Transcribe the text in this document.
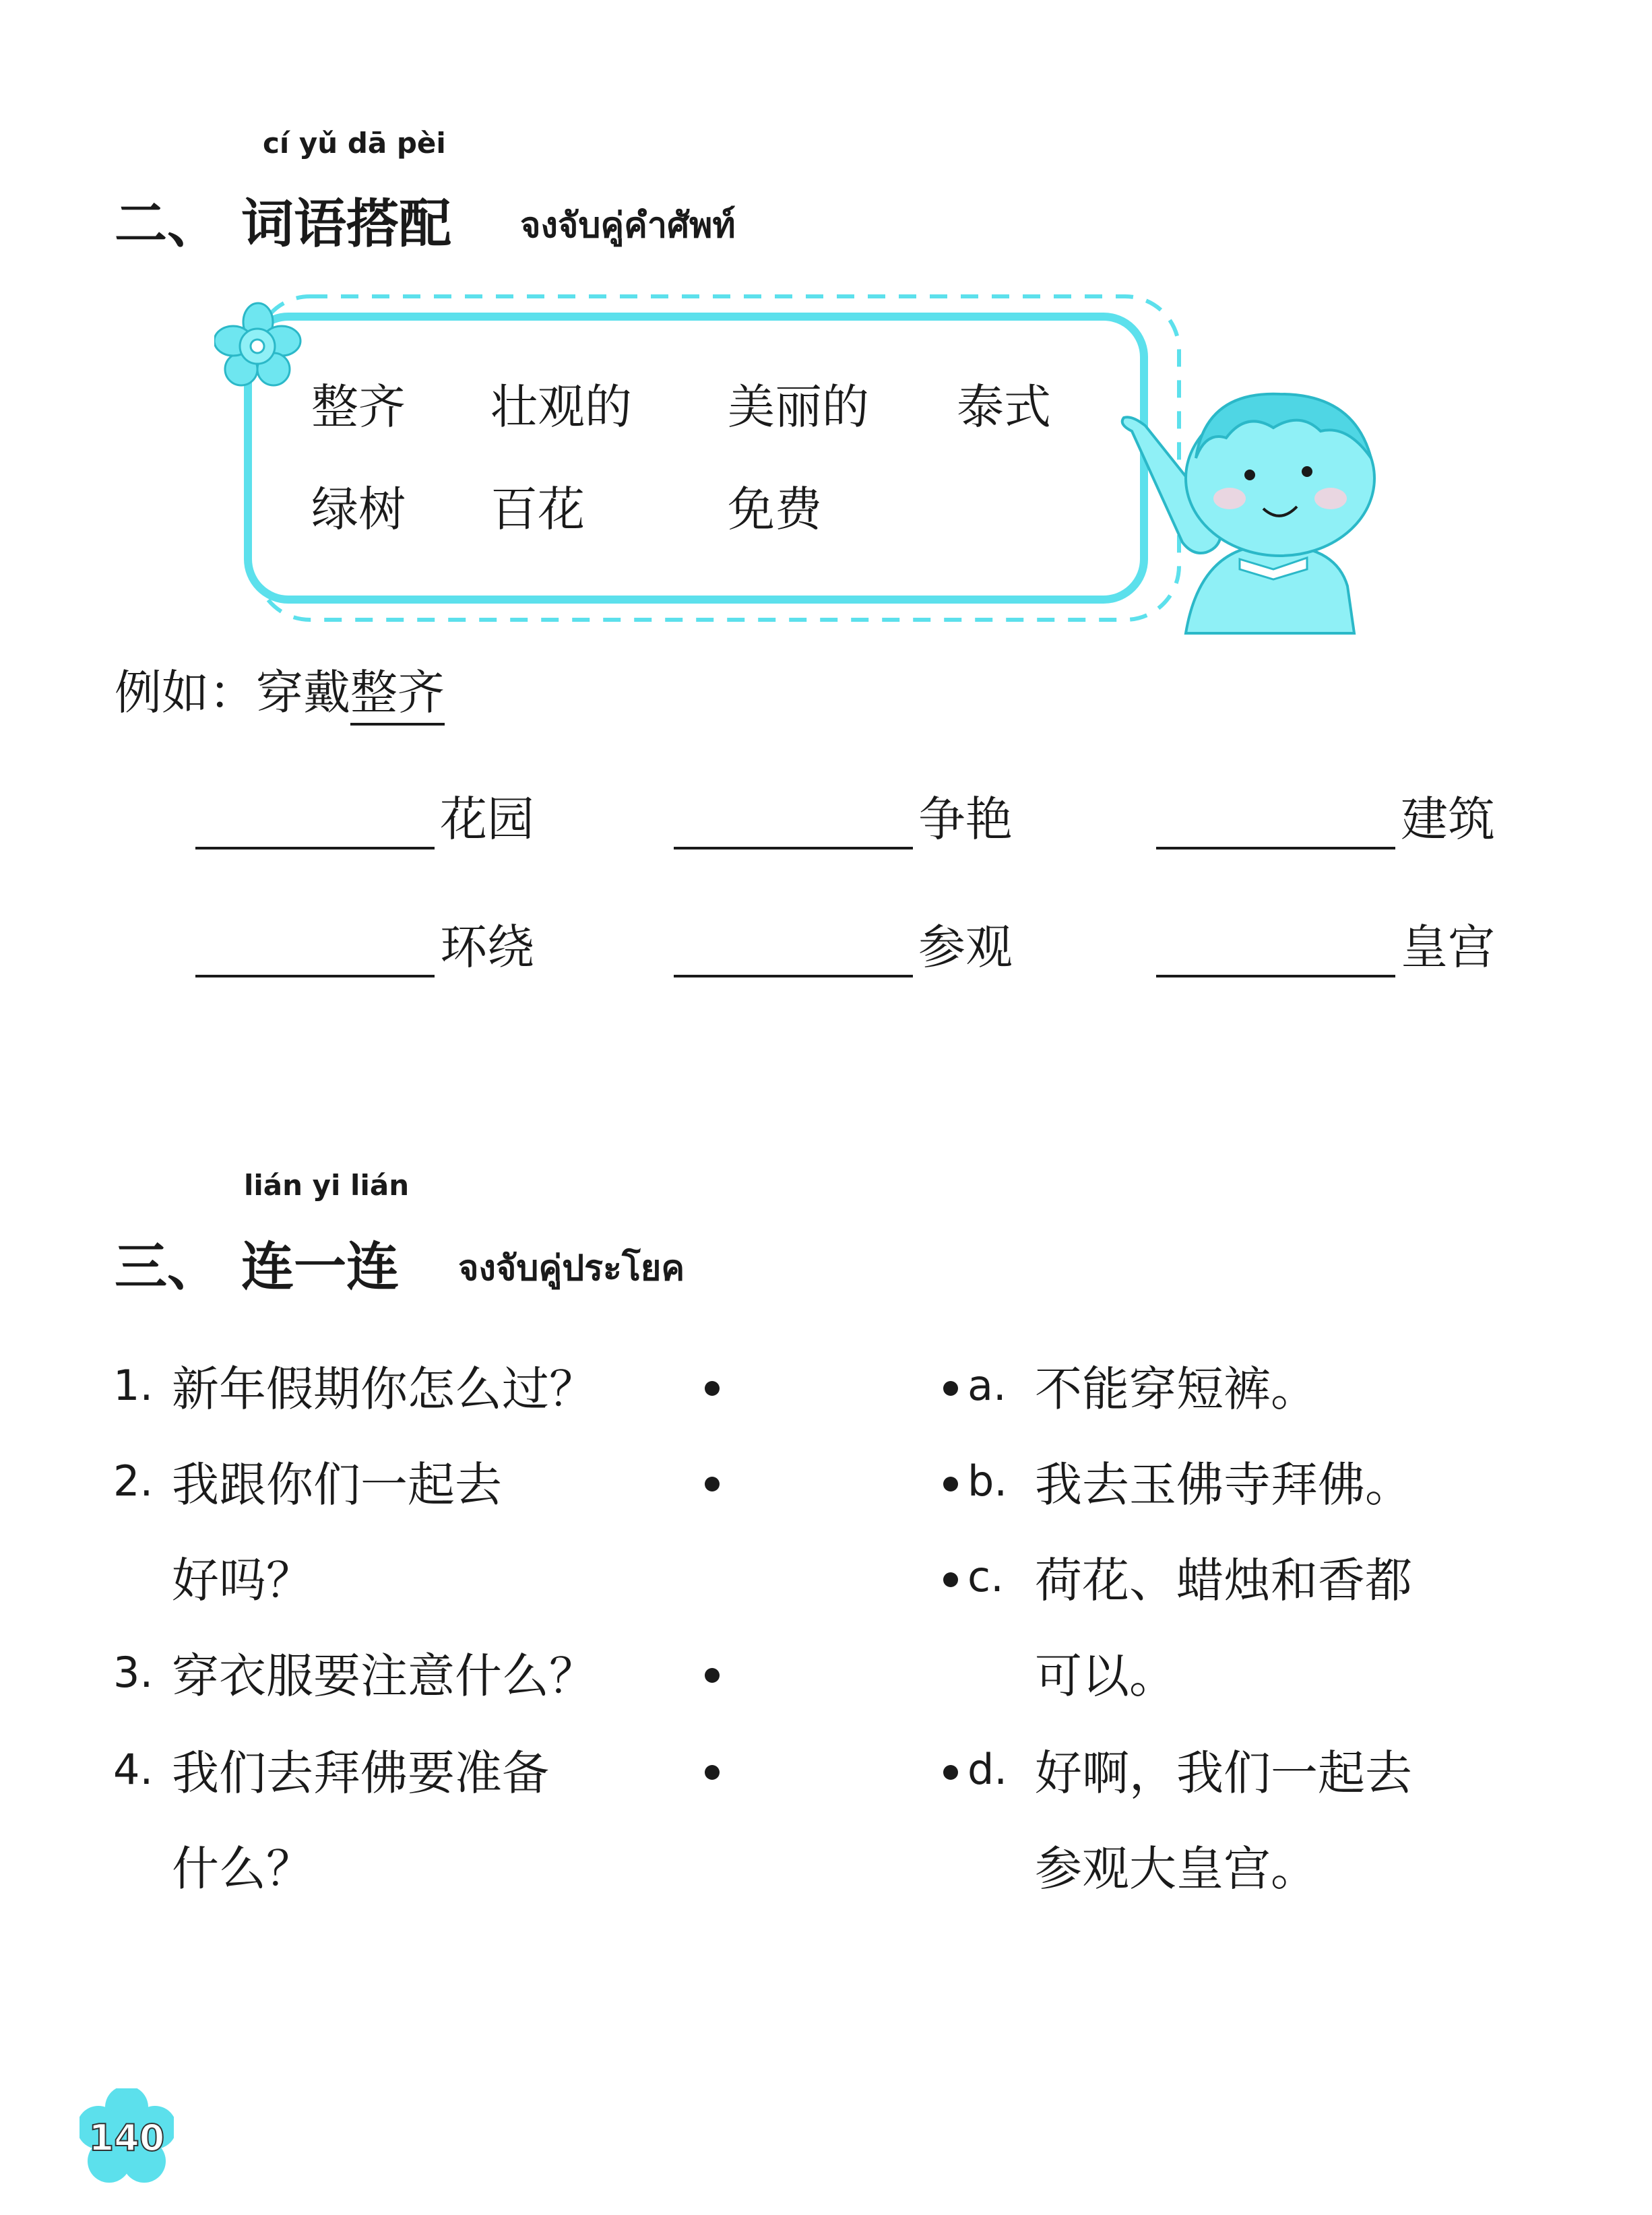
cí yǔ dā pèi
二、 词语搭配 จงจับคู่คำศัพท์
整齐 壮观的 美丽的 泰式
绿树 百花	免费
例如：穿戴整齐
花园	争艳	建筑
环绕	参观	皇宫
lián yi lián
三、 连一连 จงจับคู่ประโยค
1. 新年假期你怎么过？
2. 我跟你们一起去
好吗？
3. 穿衣服要注意什么？
4. 我们去拜佛要准备
什么？
a. 不能穿短裤。
b. 我去玉佛寺拜佛。
c. 荷花、蜡烛和香都
可以。
d. 好啊，我们一起去
参观大皇宫。
140
